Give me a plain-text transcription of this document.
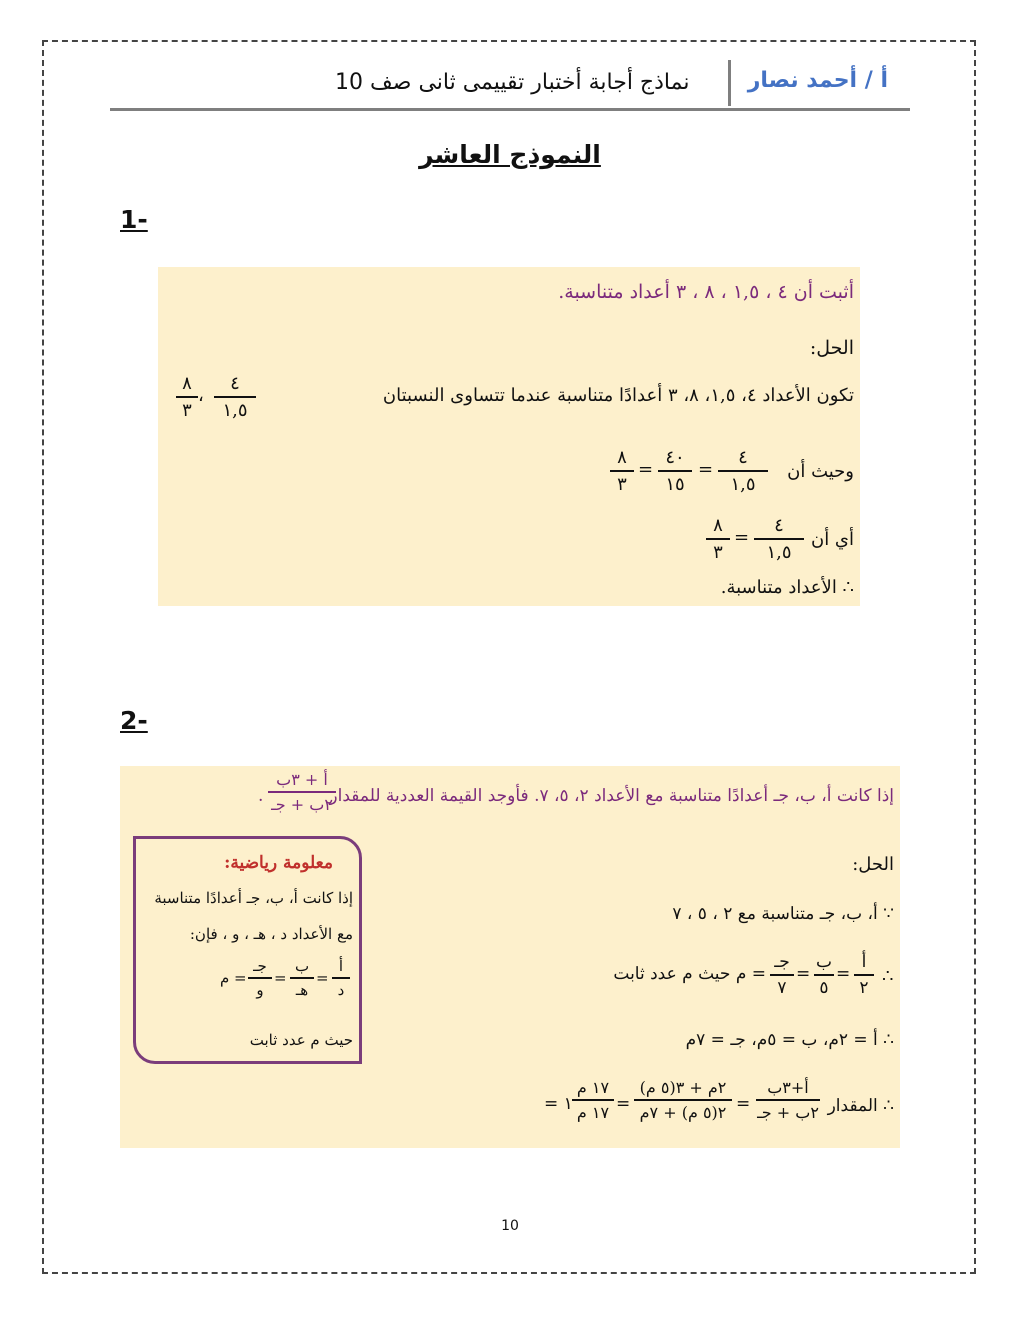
أ / أحمد نصار
نماذج أجابة أختبار تقييمى ثانى صف 10
النموذج العاشر
1-
أثبت أن ٤ ، ١,٥ ، ٨ ، ٣ أعداد متناسبة.
الحل:
تكون الأعداد ٤، ١,٥، ٨، ٣ أعدادًا متناسبة عندما تتساوى النسبتان
٤
١,٥
،
٨
٣
وحيث أن
٤
١,٥
=
٤٠
١٥
=
٨
٣
أي أن
٤
١,٥
=
٨
٣
∴ الأعداد متناسبة.
2-
إذا كانت أ، ب، جـ أعدادًا متناسبة مع الأعداد ٢، ٥، ٧. فأوجد القيمة العددية للمقدار
أ + ٣ب
٢ب + جـ
.
الحل:
∵ أ، ب، جـ متناسبة مع ٢ ، ٥ ، ٧
∴
أ
٢
=
ب
٥
=
جـ
٧
= م حيث م عدد ثابت
∴ أ = ٢م، ب = ٥م، جـ = ٧م
∴ المقدار
أ+٣ب
٢ب + جـ
=
٢م + ٣(٥ م)
٢(٥ م) + ٧م
=
١٧ م
١٧ م
= ١
معلومة رياضية:
إذا كانت أ، ب، جـ أعدادًا متناسبة
مع الأعداد د ، هـ ، و ، فإن:
أ
د
=
ب
هـ
=
جـ
و
=
م
حيث م عدد ثابت
10
